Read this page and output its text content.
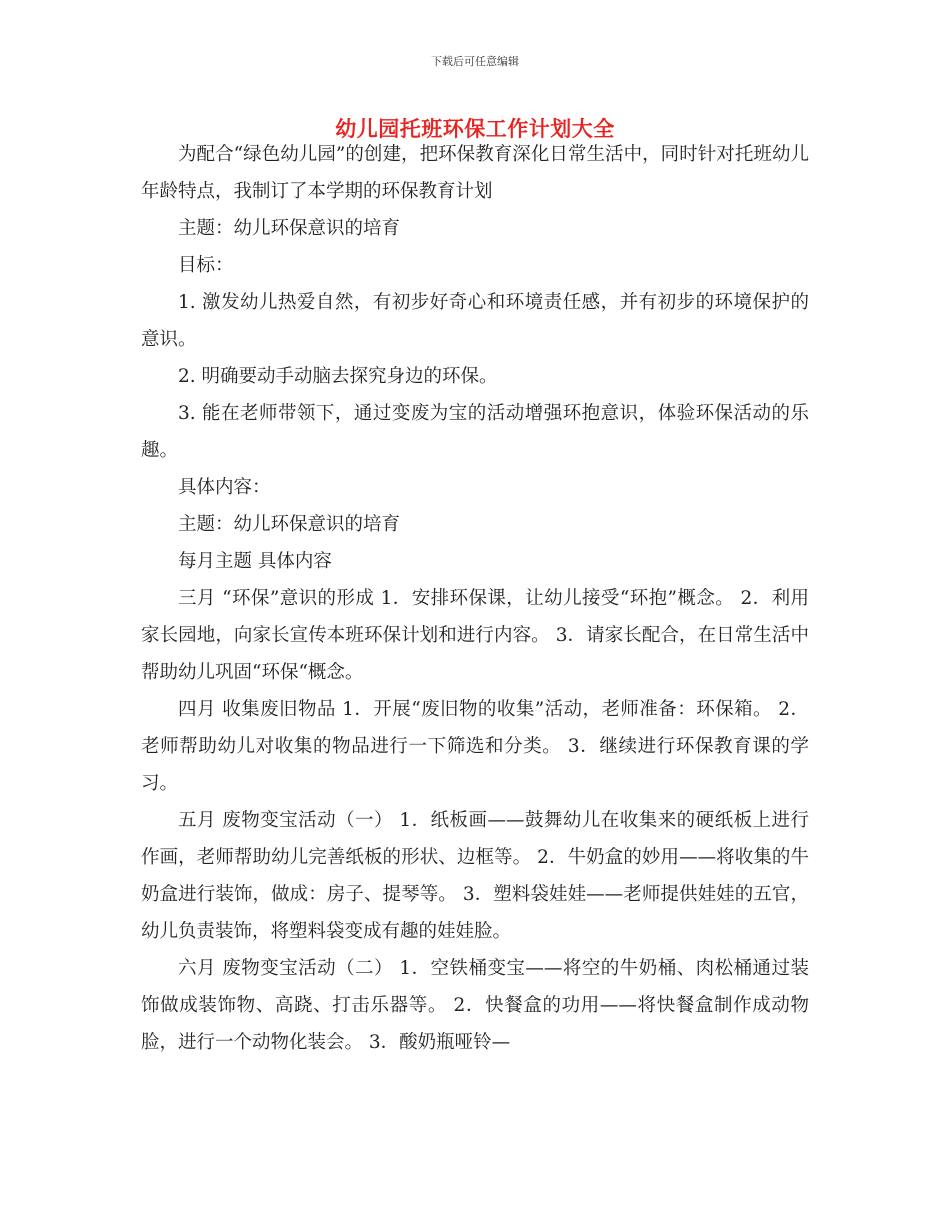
下载后可任意编辑
幼儿园托班环保工作计划大全

为配合“绿色幼儿园”的创建，把环保教育深化日常生活中，同时针对托班幼儿年龄特点，我制订了本学期的环保教育计划

主题：幼儿环保意识的培育

目标：

1. 激发幼儿热爱自然，有初步好奇心和环境责任感，并有初步的环境保护的意识。

2. 明确要动手动脑去探究身边的环保。

3. 能在老师带领下，通过变废为宝的活动增强环抱意识，体验环保活动的乐趣。

具体内容：

主题：幼儿环保意识的培育

每月主题 具体内容

三月 “环保”意识的形成 1．安排环保课，让幼儿接受“环抱”概念。 2．利用家长园地，向家长宣传本班环保计划和进行内容。 3．请家长配合，在日常生活中帮助幼儿巩固“环保“概念。

四月 收集废旧物品 1．开展“废旧物的收集”活动，老师准备：环保箱。 2．老师帮助幼儿对收集的物品进行一下筛选和分类。 3．继续进行环保教育课的学习。

五月 废物变宝活动（一） 1．纸板画——鼓舞幼儿在收集来的硬纸板上进行作画，老师帮助幼儿完善纸板的形状、边框等。 2．牛奶盒的妙用——将收集的牛奶盒进行装饰，做成：房子、提琴等。 3．塑料袋娃娃——老师提供娃娃的五官，幼儿负责装饰，将塑料袋变成有趣的娃娃脸。

六月 废物变宝活动（二） 1．空铁桶变宝——将空的牛奶桶、肉松桶通过装饰做成装饰物、高跷、打击乐器等。 2．快餐盒的功用——将快餐盒制作成动物脸，进行一个动物化装会。 3．酸奶瓶哑铃—
